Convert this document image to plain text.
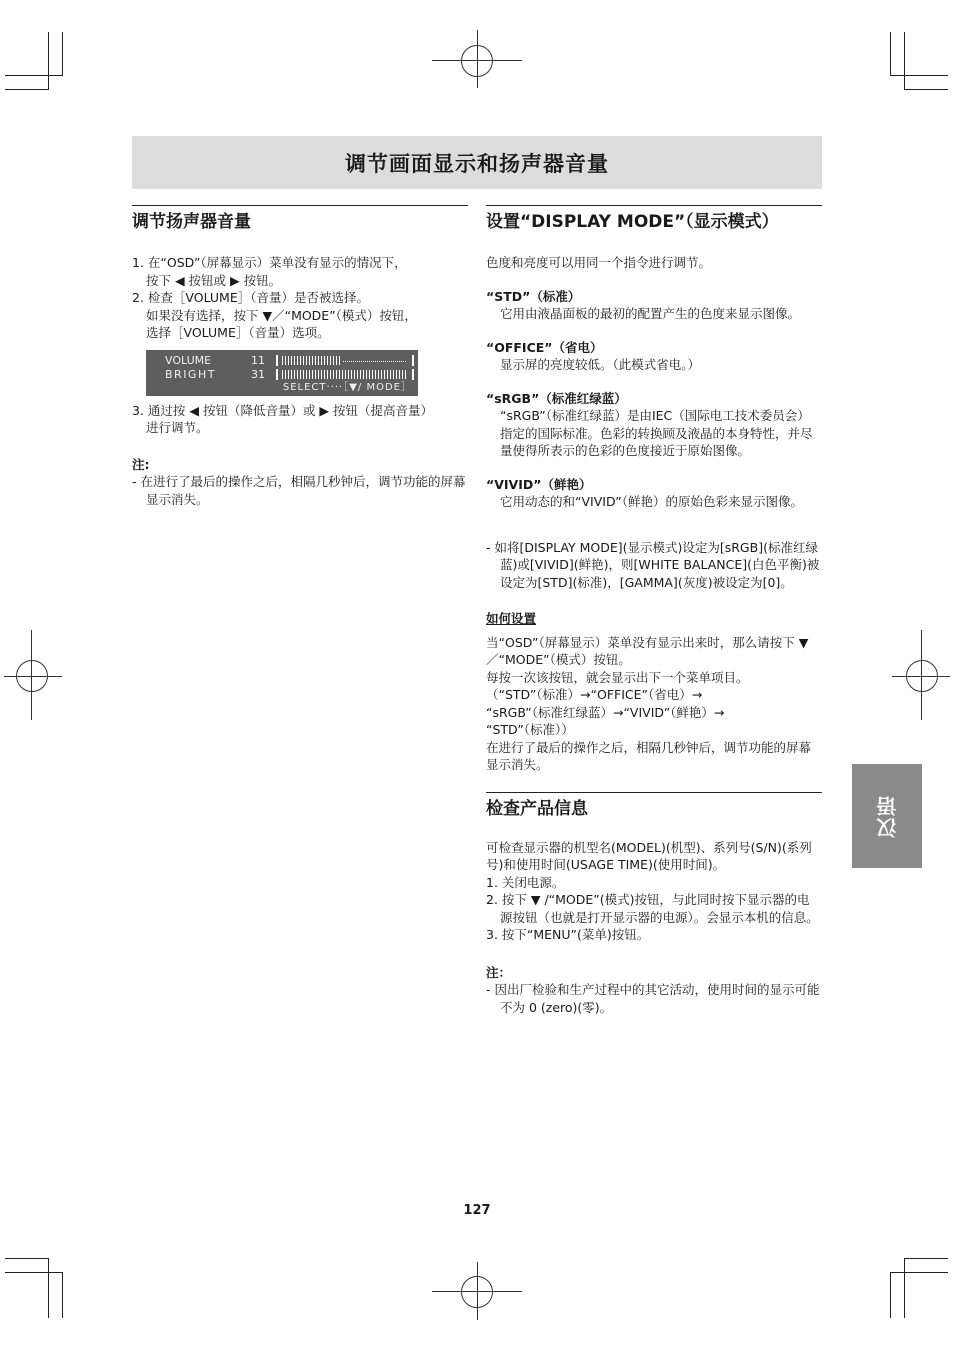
调节画面显示和扬声器音量
调节扬声器音量

1. 在“OSD”（屏幕显示）菜单没有显示的情况下，

按下 ◀ 按钮或 ▶ 按钮。

2. 检查［VOLUME］（音量）是否被选择。

如果没有选择，按下 ▼／“MODE”（模式）按钮，

选择［VOLUME］（音量）选项。

VOLUME	11
BRIGHT	31
SELECT····［▼/ MODE］

3. 通过按 ◀ 按钮（降低音量）或 ▶ 按钮（提高音量）

进行调节。

注:

- 在进行了最后的操作之后，相隔几秒钟后，调节功能的屏幕显示消失。

设置“DISPLAY MODE”（显示模式）

色度和亮度可以用同一个指令进行调节。

“STD”（标准）

它用由液晶面板的最初的配置产生的色度来显示图像。

“OFFICE”（省电）

显示屏的亮度较低。（此模式省电。）

“sRGB”（标准红绿蓝）

“sRGB”（标准红绿蓝）是由IEC（国际电工技术委员会）指定的国际标准。色彩的转换顾及液晶的本身特性，并尽量使得所表示的色彩的色度接近于原始图像。

“VIVID”（鲜艳）

它用动态的和“VIVID”（鲜艳）的原始色彩来显示图像。

- 如将[DISPLAY MODE](显示模式)设定为[sRGB](标准红绿蓝)或[VIVID](鲜艳)，则[WHITE BALANCE](白色平衡)被设定为[STD](标准)，[GAMMA](灰度)被设定为[0]。

如何设置

当“OSD”（屏幕显示）菜单没有显示出来时，那么请按下 ▼／“MODE”（模式）按钮。

每按一次该按钮，就会显示出下一个菜单项目。

（“STD”（标准）→“OFFICE”（省电）→

“sRGB”（标准红绿蓝）→“VIVID”（鲜艳）→

“STD”（标准））

在进行了最后的操作之后，相隔几秒钟后，调节功能的屏幕显示消失。

检查产品信息

可检查显示器的机型名(MODEL)(机型)、系列号(S/N)(系列号)和使用时间(USAGE TIME)(使用时间)。

1. 关闭电源。

2. 按下 ▼ /“MODE”(模式)按钮，与此同时按下显示器的电源按钮（也就是打开显示器的电源）。会显示本机的信息。

3. 按下“MENU”(菜单)按钮。

注：

- 因出厂检验和生产过程中的其它活动，使用时间的显示可能不为 0 (zero)(零)。

汉语
127
